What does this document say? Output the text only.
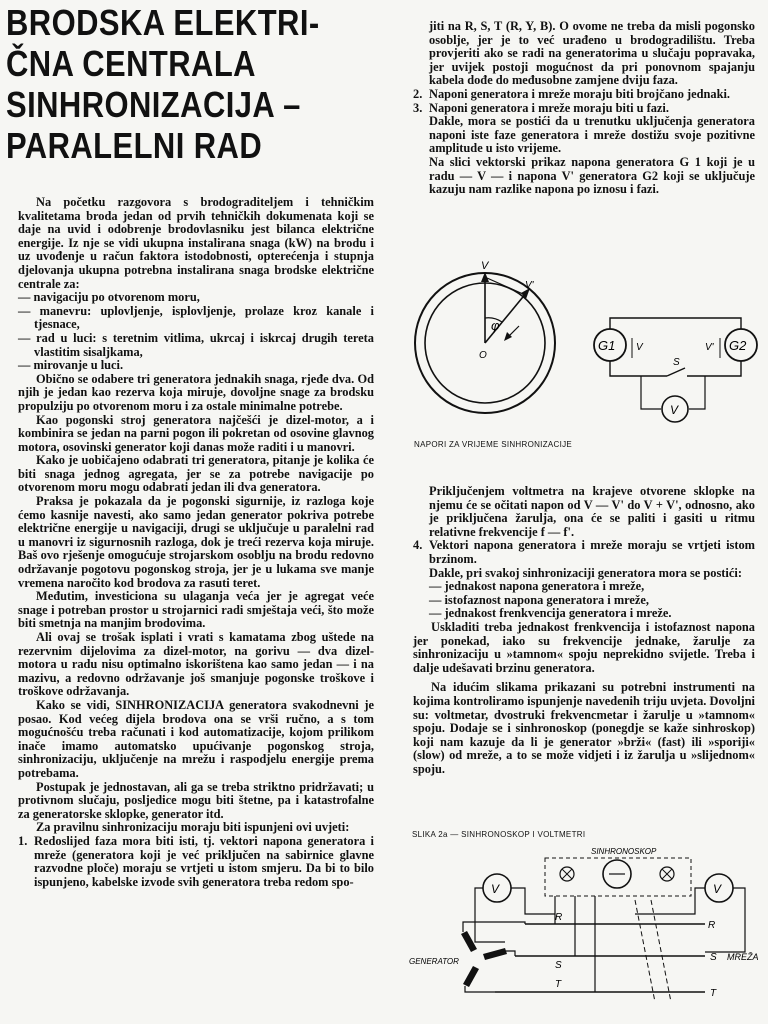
BRODSKA ELEKTRI-
ČNA CENTRALA
SINHRONIZACIJA –
PARALELNI RAD

Na početku razgovora s brodograditeljem i tehničkim kvalitetama broda jedan od prvih tehničkih dokumenata koji se daje na uvid i odobrenje brodovlasniku jest bilanca električne energije. Iz nje se vidi ukupna instalirana snaga (kW) na brodu i uz uvođenje u račun faktora istodobnosti, opterećenja i stupnja djelovanja ukupna potrebna instalirana snaga brodske električne centrale za:

— navigaciju po otvorenom moru,
— manevru: uplovljenje, isplovljenje, prolaze kroz kanale i tjesnace,
— rad u luci: s teretnim vitlima, ukrcaj i iskrcaj drugih tereta vlastitim sisaljkama,
— mirovanje u luci.

Obično se odabere tri generatora jednakih snaga, rjeđe dva. Od njih je jedan kao rezerva koja miruje, dovoljne snage za brodsku propulziju po otvorenom moru i za ostale minimalne potrebe.

Kao pogonski stroj generatora najčešći je dizel-motor, a i kombinira se jedan na parni pogon ili pokretan od osovine glavnog motora, osovinski generator koji danas može raditi i u manovri.

Kako je uobičajeno odabrati tri generatora, pitanje je kolika će biti snaga jednog agregata, jer se za potrebe navigacije po otvorenom moru mogu odabrati jedan ili dva generatora.

Praksa je pokazala da je pogonski sigurnije, iz razloga koje ćemo kasnije navesti, ako samo jedan generator pokriva potrebe električne energije u navigaciji, drugi se uključuje u paralelni rad u manovri iz sigurnosnih razloga, dok je treći rezerva koja miruje. Baš ovo rješenje omogućuje strojarskom osoblju na brodu redovno održavanje pogotovu pogonskog stroja, jer je u lukama sve manje vremena naročito kod brodova za rasuti teret.

Međutim, investiciona su ulaganja veća jer je agregat veće snage i potreban prostor u strojarnici radi smještaja veći, što može biti smetnja na manjim brodovima.

Ali ovaj se trošak isplati i vrati s kamatama zbog uštede na rezervnim dijelovima za dizel-motor, na gorivu — dva dizel-motora u radu nisu optimalno iskorištena kao samo jedan — i na mazivu, a redovno održavanje još smanjuje pogonske troškove i troškove održavanja.

Kako se vidi, SINHRONIZACIJA generatora svakodnevni je posao. Kod većeg dijela brodova ona se vrši ručno, a s tom mogućnošću treba računati i kod automatizacije, kojom prilikom inače imamo automatsko upućivanje pogonskog stroja, sinhronizaciju, uključenje na mrežu i raspodjelu energije prema potrebama.

Postupak je jednostavan, ali ga se treba striktno pridržavati; u protivnom slučaju, posljedice mogu biti štetne, pa i katastrofalne za generatorske sklopke, generator itd.

Za pravilnu sinhronizaciju moraju biti ispunjeni ovi uvjeti:

1. Redoslijed faza mora biti isti, tj. vektori napona generatora i mreže (generatora koji je već priključen na sabirnice glavne razvodne ploče) moraju se vrtjeti u istom smjeru. Da bi to bilo ispunjeno, kabelske izvode svih generatora treba redom spo-

jiti na R, S, T (R, Y, B). O ovome ne treba da misli pogonsko osoblje, jer je to već urađeno u brodogradilištu. Treba provjeriti ako se radi na generatorima u slučaju popravaka, jer uvijek postoji mogućnost da pri ponovnom spajanju kabela dođe do međusobne zamjene dviju faza.

2. Naponi generatora i mreže moraju biti brojčano jednaki.
3. Naponi generatora i mreže moraju biti u fazi.

Dakle, mora se postići da u trenutku uključenja generatora naponi iste faze generatora i mreže dostižu svoje pozitivne amplitude u isto vrijeme.

Na slici vektorski prikaz napona generatora G 1 koji je u radu — V — i napona V' generatora G2 koji se uključuje kazuju nam razlike napona po iznosu i fazi.

V
V'
φ
O
G1	G2
V
S
V	V'
NAPORI ZA VRIJEME SINHRONIZACIJE

Priključenjem voltmetra na krajeve otvorene sklopke na njemu će se očitati napon od V — V' do V + V', odnosno, ako je priključena žarulja, ona će se paliti i gasiti u ritmu relativne frekvencije f — f'.

4. Vektori napona generatora i mreže moraju se vrtjeti istom brzinom.

Dakle, pri svakoj sinhronizaciji generatora mora se postići:

— jednakost napona generatora i mreže,
— istofaznost napona generatora i mreže,
— jednakost frenkvencija generatora i mreže.

Uskladiti treba jednakost frenkvencija i istofaznost napona jer ponekad, iako su frekvencije jednake, žarulje za sinhronizaciju u »tamnom« spoju neprekidno svijetle. Treba i dalje udešavati brzinu generatora.

Na idućim slikama prikazani su potrebni instrumenti na kojima kontroliramo ispunjenje navedenih triju uvjeta. Dovoljni su: voltmetar, dvostruki frekvencmetar i žarulje u »tamnom« spoju. Dodaje se i sinhronoskop (ponegdje se kaže sinhroskop) koji nam kazuje da li je generator »brži« (fast) ili »sporiji« (slow) od mreže, a to se može vidjeti i iz žarulja u »slijednom« spoju.

SLIKA 2a — SINHRONOSKOP I VOLTMETRI
SINHRONOSKOP
V	V
R
S
T
R
S
T
MREŽA
GENERATOR
